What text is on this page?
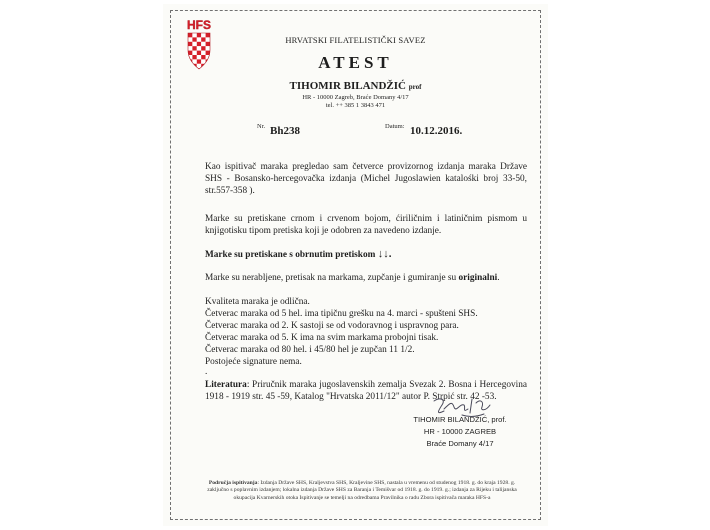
HFS
HRVATSKI FILATELISTIČKI SAVEZ
ATEST
TIHOMIR BILANDŽIĆ prof
HR - 10000 Zagreb, Braće Domany 4/17
tel. ++ 385 1 3843 471
Nr. Bh238	Datum: 10.12.2016.
Kao ispitivač maraka pregledao sam četverce provizornog izdanja maraka Države SHS - Bosansko-hercegovačka izdanja (Michel Jugoslawien katalośki broj 33-50, str.557-358 ).
Marke su pretiskane crnom i crvenom bojom, ćiriličnim i latiničnim pismom u knjigotisku tipom pretiska koji je odobren za navedeno izdanje.
Marke su pretiskane s obrnutim pretiskom ↓↓.
Marke su nerabljene, pretisak na markama, zupčanje i gumiranje su originalni.
Kvaliteta maraka je odlična.
Četverac maraka od 5 hel. ima tipičnu grešku na 4. marci - spušteni SHS.
Četverac maraka od 2. K sastoji se od vodoravnog i uspravnog para.
Četverac maraka od 5. K ima na svim markama probojni tisak.
Četverac maraka od 80 hel. i 45/80 hel je zupčan 11 1/2.
Postojeće signature nema.
.
Literatura: Priručnik maraka jugoslavenskih zemalja Svezak 2. Bosna i Hercegovina 1918 - 1919 str. 45 -59, Katalog "Hrvatska 2011/12" autor P. Strpić str. 42 -53.
TIHOMIR BILANDŽIĆ, prof.
HR - 10000 ZAGREB
Braće Domany 4/17
Područja ispitivanja: Izdanja Države SHS, Kraljevstva SHS, Kraljevine SHS, nastala u vremenu od studenog 1918. g. do kraja 1928. g. zaključno s poplavnim izdanjem; lokalna izdanja Države SHS za Baranja i Temišvar od 1918. g. do 1919. g.; izdanja za Rijeku i talijanska okupacija Kvarnerskih otoka Ispitivanje se temelji na odredbama Pravilnika o radu Zbora ispitivača maraka HFS-a
